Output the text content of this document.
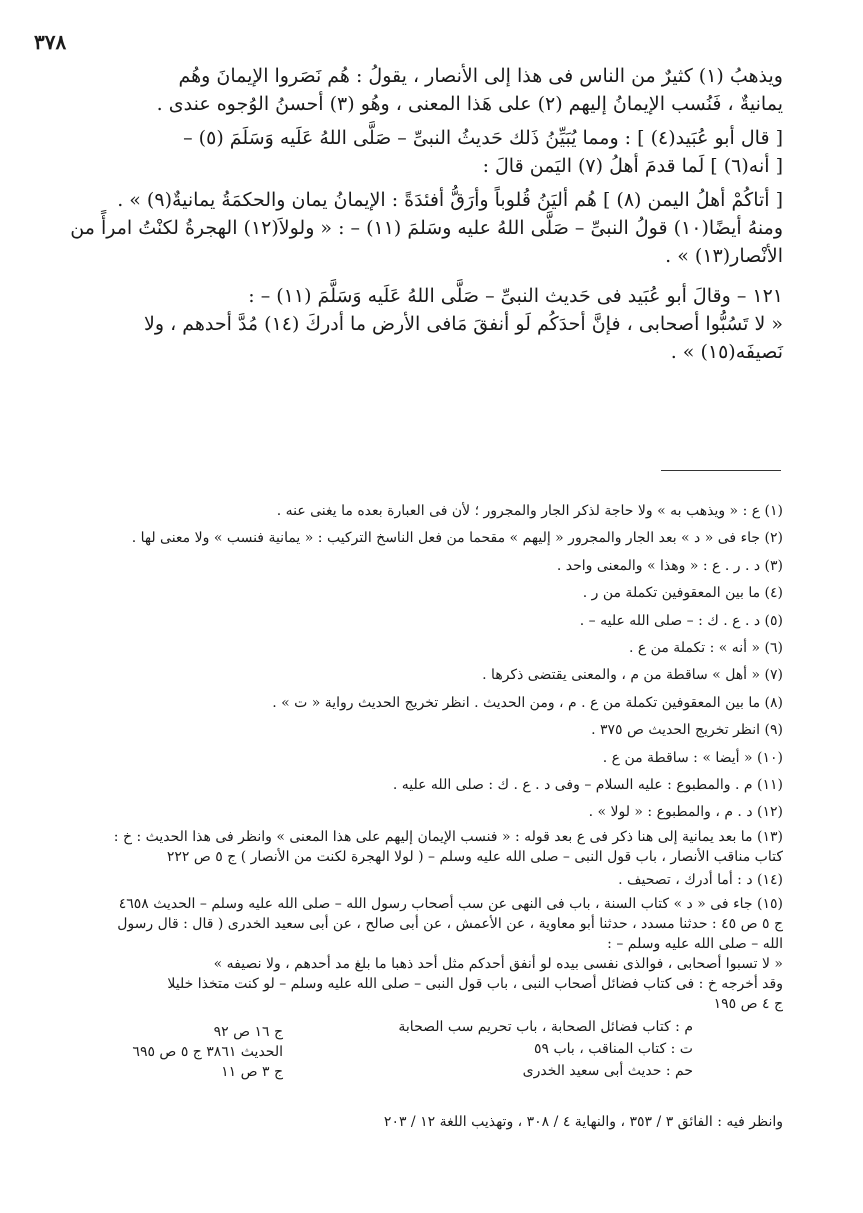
٣٧٨

ويذهبُ (١) كثيرٌ من الناس فى هذا إلى الأنصار ، يقولُ : هُم نَصَروا الإيمانَ وهُم

يمانيةٌ ، فَنُسب الإيمانُ إليهم (٢) على هَذا المعنى ، وهُو (٣) أحسنُ الوُجوه عندى .

[ قال أبو عُبَيد(٤) ] : ومما يُبَيِّنُ ذَلك حَديثُ النبىِّ – صَلَّى اللهُ عَلَيه وَسَلَمَ (٥) –

[ أنه(٦) ] لَما قدمَ أهلُ (٧) اليَمن قالَ :

[ أتاكُمْ أهلُ اليمن (٨) ] هُم أليَنُ قُلوباً وأرَقُّ أفئدَةً : الإيمانُ يمان والحكمَةُ يمانيةٌ(٩) » .

ومنهُ أيضًا(١٠) قولُ النبىِّ – صَلَّى اللهُ عليه وسَلمَ (١١) – : « ولولاَ(١٢) الهجرةُ لكنْتُ امرأً من

الأنْصار(١٣) » .

١٢١ – وقالَ أبو عُبَيد فى حَديث النبىِّ – صَلَّى اللهُ عَلَيه وَسَلَّمَ (١١) – :

« لا تَسُبُّوا أصحابى ، فإنَّ أحدَكُم لَو أنفقَ مَافى الأرض ما أدركَ (١٤) مُدَّ أحدهم ، ولا

نَصيفَه(١٥) » .

(١) ع : « ويذهب به » ولا حاجة لذكر الجار والمجرور ؛ لأن فى العبارة بعده ما يغنى عنه .

(٢) جاء فى « د » بعد الجار والمجرور « إليهم » مقحما من فعل الناسخ التركيب : « يمانية فنسب » ولا معنى لها .

(٣) د . ر . ع : « وهذا » والمعنى واحد .

(٤) ما بين المعقوفين تكملة من ر .

(٥) د . ع . ك : – صلى الله عليه – .

(٦) « أنه » : تكملة من ع .

(٧) « أهل » ساقطة من م ، والمعنى يقتضى ذكرها .

(٨) ما بين المعقوفين تكملة من ع . م ، ومن الحديث . انظر تخريج الحديث رواية « ت » .

(٩) انظر تخريج الحديث ص ٣٧٥ .

(١٠) « أيضا » : ساقطة من ع .

(١١) م . والمطبوع : عليه السلام – وفى د . ع . ك : صلى الله عليه .

(١٢) د . م ، والمطبوع : « لولا » .

(١٣) ما بعد يمانية إلى هنا ذكر فى ع بعد قوله : « فنسب الإيمان إليهم على هذا المعنى » وانظر فى هذا الحديث : خ :

كتاب مناقب الأنصار ، باب قول النبى – صلى الله عليه وسلم – ( لولا الهجرة لكنت من الأنصار ) ج ٥ ص ٢٢٢

(١٤) د : أما أدرك ، تصحيف .

(١٥) جاء فى « د » كتاب السنة ، باب فى النهى عن سب أصحاب رسول الله – صلى الله عليه وسلم – الحديث ٤٦٥٨

ج ٥ ص ٤٥ : حدثنا مسدد ، حدثنا أبو معاوية ، عن الأعمش ، عن أبى صالح ، عن أبى سعيد الخدرى ( قال : قال رسول

الله – صلى الله عليه وسلم – :

« لا تسبوا أصحابى ، فوالذى نفسى بيده لو أنفق أحدكم مثل أحد ذهبا ما بلغ مد أحدهم ، ولا نصيفه »

وقد أخرجه خ : فى كتاب فضائل أصحاب النبى ، باب قول النبى – صلى الله عليه وسلم – لو كنت متخذا خليلا

ج ٤ ص ١٩٥

م : كتاب فضائل الصحابة ، باب تحريم سب الصحابة
ت : كتاب المناقب ، باب ٥٩
حم : حديث أبى سعيد الخدرى
ج ١٦ ص ٩٢
الحديث ٣٨٦١ ج ٥ ص ٦٩٥
ج ٣ ص ١١

وانظر فيه : الفائق ٣ / ٣٥٣ ، والنهاية ٤ / ٣٠٨ ، وتهذيب اللغة ١٢ / ٢٠٣
